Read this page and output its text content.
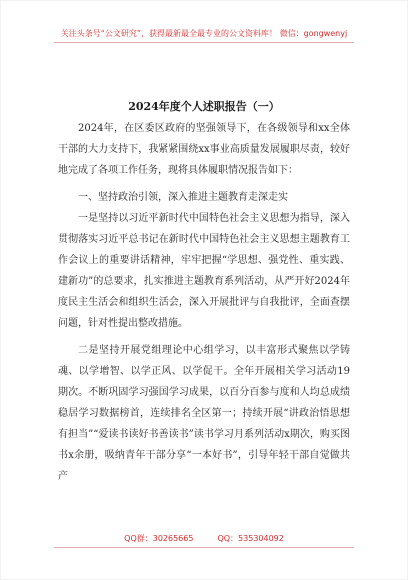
关注头条号“公文研究”，获得最新最全最专业的公文资料库！ 微信：gongwenyj
2024年度个人述职报告（一）

2024年，在区委区政府的坚强领导下，在各级领导和xx全体干部的大力支持下，我紧紧围绕xx事业高质量发展履职尽责，较好地完成了各项工作任务，现将具体履职情况报告如下：

一、坚持政治引领，深入推进主题教育走深走实

一是坚持以习近平新时代中国特色社会主义思想为指导，深入贯彻落实习近平总书记在新时代中国特色社会主义思想主题教育工作会议上的重要讲话精神，牢牢把握“学思想、强党性、重实践、建新功”的总要求，扎实推进主题教育系列活动，从严开好2024年度民主生活会和组织生活会，深入开展批评与自我批评，全面查摆问题，针对性提出整改措施。

二是坚持开展党组理论中心组学习，以丰富形式聚焦以学铸魂、以学增智、以学正风、以学促干。全年开展相关学习活动19期次。不断巩固学习强国学习成果，以百分百参与度和人均总成绩稳居学习数据榜首，连续排名全区第一；持续开展“讲政治悟思想有担当”“爱读书读好书善读书”读书学习月系列活动x期次，购买图书x余册，吸纳青年干部分享“一本好书”，引导年轻干部自觉做共产

QQ群：30265665　　　QQ：535304092
